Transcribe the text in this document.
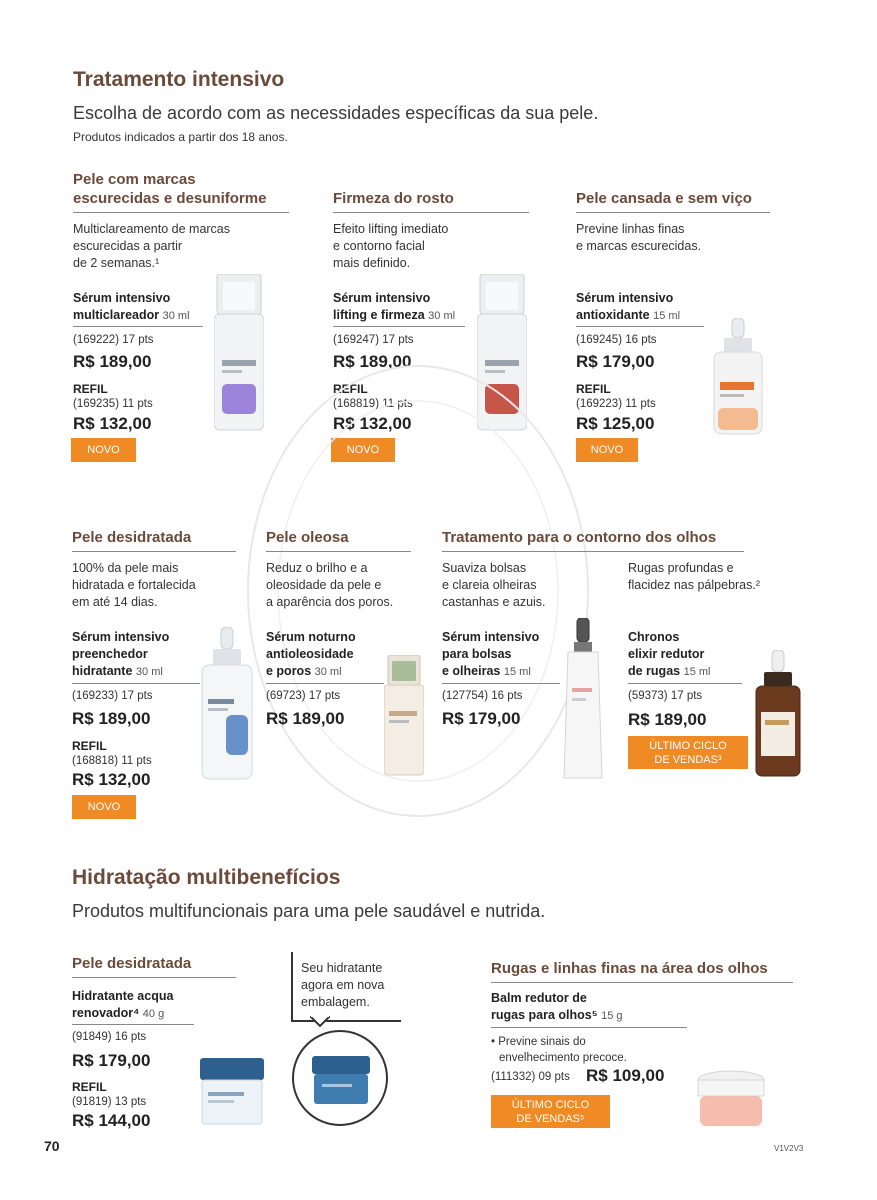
Tratamento intensivo
Escolha de acordo com as necessidades específicas da sua pele.
Produtos indicados a partir dos 18 anos.
Pele com marcas
escurecidas e desuniforme
Multiclareamento de marcas
escurecidas a partir
de 2 semanas.¹
Sérum intensivo
multiclareador 30 ml
(169222) 17 pts
R$ 189,00
REFIL
(169235) 11 pts
R$ 132,00
NOVO
Firmeza do rosto
Efeito lifting imediato
e contorno facial
mais definido.
Sérum intensivo
lifting e firmeza 30 ml
(169247) 17 pts
R$ 189,00
REFIL
(168819) 11 pts
R$ 132,00
NOVO
Pele cansada e sem viço
Previne linhas finas
e marcas escurecidas.
Sérum intensivo
antioxidante 15 ml
(169245) 16 pts
R$ 179,00
REFIL
(169223) 11 pts
R$ 125,00
NOVO
Pele desidratada
100% da pele mais
hidratada e fortalecida
em até 14 dias.
Sérum intensivo
preenchedor
hidratante 30 ml
(169233) 17 pts
R$ 189,00
REFIL
(168818) 11 pts
R$ 132,00
NOVO
Pele oleosa
Reduz o brilho e a
oleosidade da pele e
a aparência dos poros.
Sérum noturno
antioleosidade
e poros 30 ml
(69723) 17 pts
R$ 189,00
Tratamento para o contorno dos olhos
Suaviza bolsas
e clareia olheiras
castanhas e azuis.
Sérum intensivo
para bolsas
e olheiras 15 ml
(127754) 16 pts
R$ 179,00
Rugas profundas e
flacidez nas pálpebras.²
Chronos
elixir redutor
de rugas 15 ml
(59373) 17 pts
R$ 189,00
ÚLTIMO CICLO
DE VENDAS³
Hidratação multibenefícios
Produtos multifuncionais para uma pele saudável e nutrida.
Pele desidratada
Hidratante acqua
renovador⁴ 40 g
(91849) 16 pts
R$ 179,00
REFIL
(91819) 13 pts
R$ 144,00
Seu hidratante
agora em nova
embalagem.
Rugas e linhas finas na área dos olhos
Balm redutor de
rugas para olhos⁵ 15 g
• Previne sinais do
envelhecimento precoce.
(111332) 09 pts R$ 109,00
ÚLTIMO CICLO
DE VENDAS⁵
70	V1V2V3
